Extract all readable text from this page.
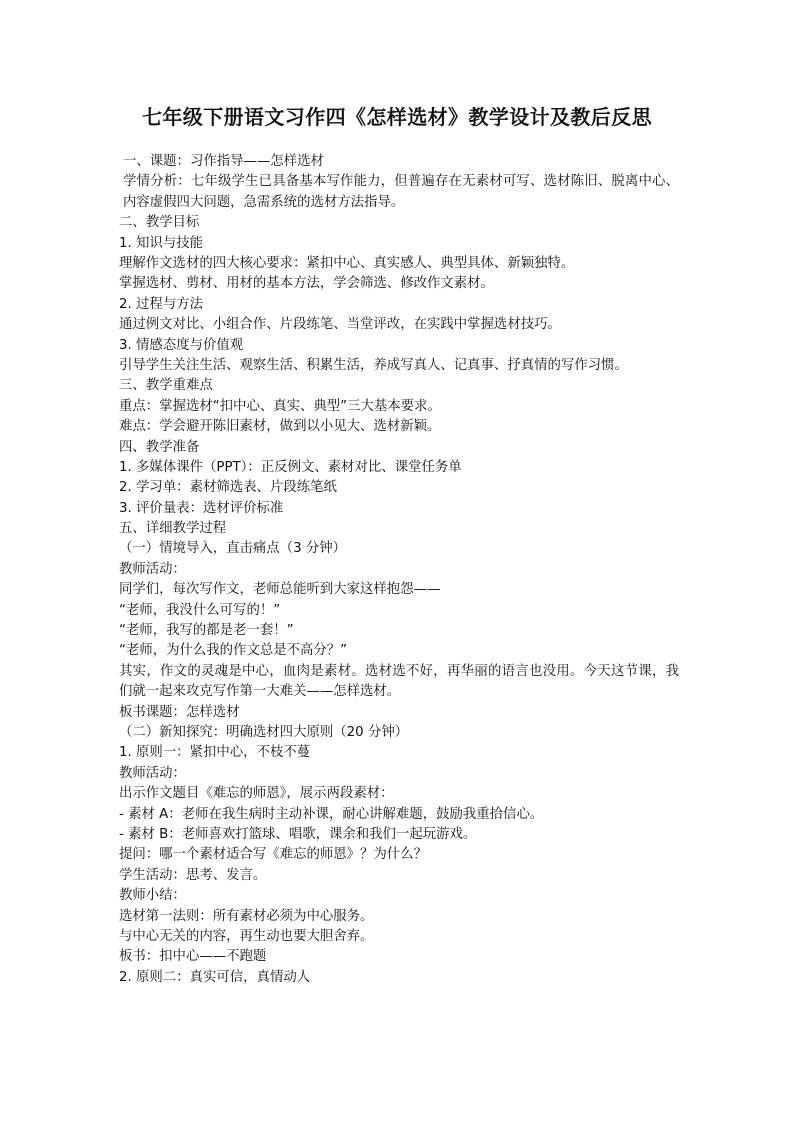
七年级下册语文习作四《怎样选材》教学设计及教后反思
一、课题：习作指导——怎样选材
学情分析：七年级学生已具备基本写作能力，但普遍存在无素材可写、选材陈旧、脱离中心、内容虚假四大问题，急需系统的选材方法指导。
二、教学目标
1. 知识与技能
理解作文选材的四大核心要求：紧扣中心、真实感人、典型具体、新颖独特。
掌握选材、剪材、用材的基本方法，学会筛选、修改作文素材。
2. 过程与方法
通过例文对比、小组合作、片段练笔、当堂评改，在实践中掌握选材技巧。
3. 情感态度与价值观
引导学生关注生活、观察生活、积累生活，养成写真人、记真事、抒真情的写作习惯。
三、教学重难点
重点：掌握选材“扣中心、真实、典型”三大基本要求。
难点：学会避开陈旧素材，做到以小见大、选材新颖。
四、教学准备
1. 多媒体课件（PPT）：正反例文、素材对比、课堂任务单
2. 学习单：素材筛选表、片段练笔纸
3. 评价量表：选材评价标准
五、详细教学过程
（一）情境导入，直击痛点（3 分钟）
教师活动：
同学们，每次写作文，老师总能听到大家这样抱怨——
“老师，我没什么可写的！”
“老师，我写的都是老一套！”
“老师，为什么我的作文总是不高分？”
其实，作文的灵魂是中心，血肉是素材。选材选不好，再华丽的语言也没用。今天这节课，我们就一起来攻克写作第一大难关——怎样选材。
板书课题：怎样选材
（二）新知探究：明确选材四大原则（20 分钟）
1. 原则一：紧扣中心，不枝不蔓
教师活动：
出示作文题目《难忘的师恩》，展示两段素材：
- 素材 A：老师在我生病时主动补课，耐心讲解难题，鼓励我重拾信心。
- 素材 B：老师喜欢打篮球、唱歌，课余和我们一起玩游戏。
提问：哪一个素材适合写《难忘的师恩》？为什么？
学生活动：思考、发言。
教师小结：
选材第一法则：所有素材必须为中心服务。
与中心无关的内容，再生动也要大胆舍弃。
板书：扣中心——不跑题
2. 原则二：真实可信，真情动人
